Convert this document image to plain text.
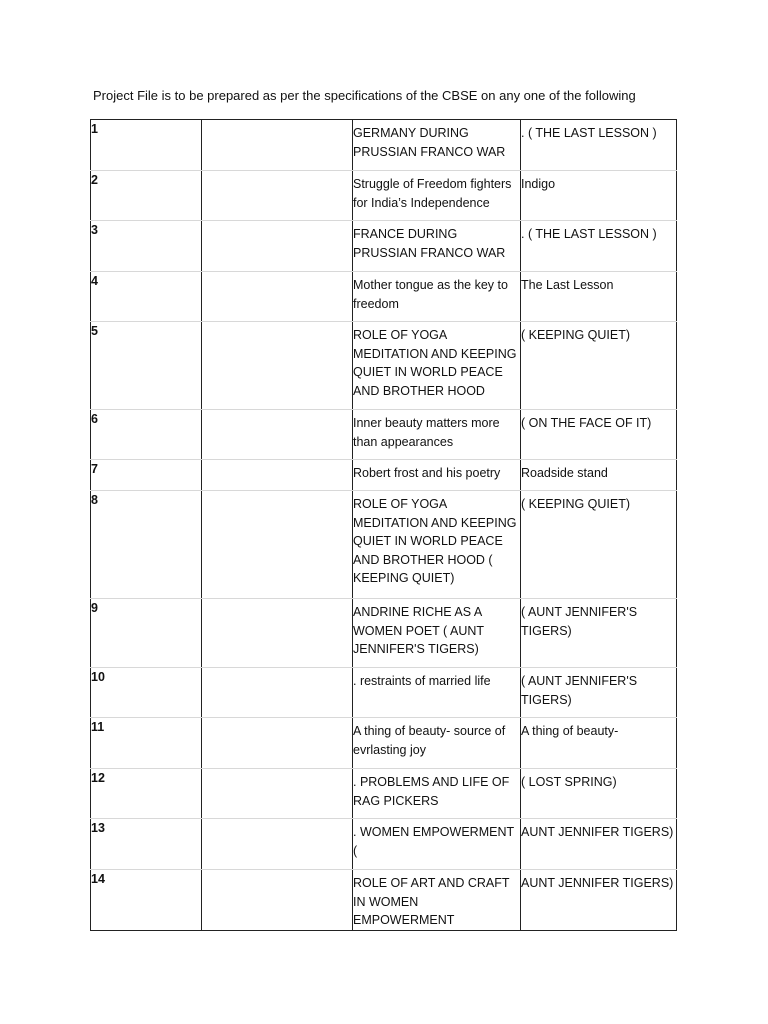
Project File is to be prepared as per the specifications of the CBSE on any one of the following
1		GERMANY DURING PRUSSIAN FRANCO WAR	. ( THE LAST LESSON )

2		Struggle of Freedom fighters for India’s Independence	Indigo

3		FRANCE DURING PRUSSIAN FRANCO WAR	. ( THE LAST LESSON )

4		Mother tongue as the key to freedom	The Last Lesson

5		ROLE OF YOGA MEDITATION AND KEEPING QUIET IN WORLD PEACE AND BROTHER HOOD	( KEEPING QUIET)

6		Inner beauty matters more than appearances	( ON THE FACE OF IT)

7		Robert frost and his poetry	Roadside stand

8		ROLE OF YOGA MEDITATION AND KEEPING QUIET IN WORLD PEACE AND BROTHER HOOD ( KEEPING QUIET)	( KEEPING QUIET)

9		ANDRINE RICHE AS A WOMEN POET ( AUNT JENNIFER'S TIGERS)	( AUNT JENNIFER'S TIGERS)

10		. restraints of married life	( AUNT JENNIFER'S TIGERS)

11		A thing of beauty- source of evrlasting joy	A thing of beauty-

12		. PROBLEMS AND LIFE OF RAG PICKERS	( LOST SPRING)

13		. WOMEN EMPOWERMENT (	AUNT JENNIFER TIGERS)

14		ROLE OF ART AND CRAFT IN WOMEN EMPOWERMENT	AUNT JENNIFER TIGERS)
